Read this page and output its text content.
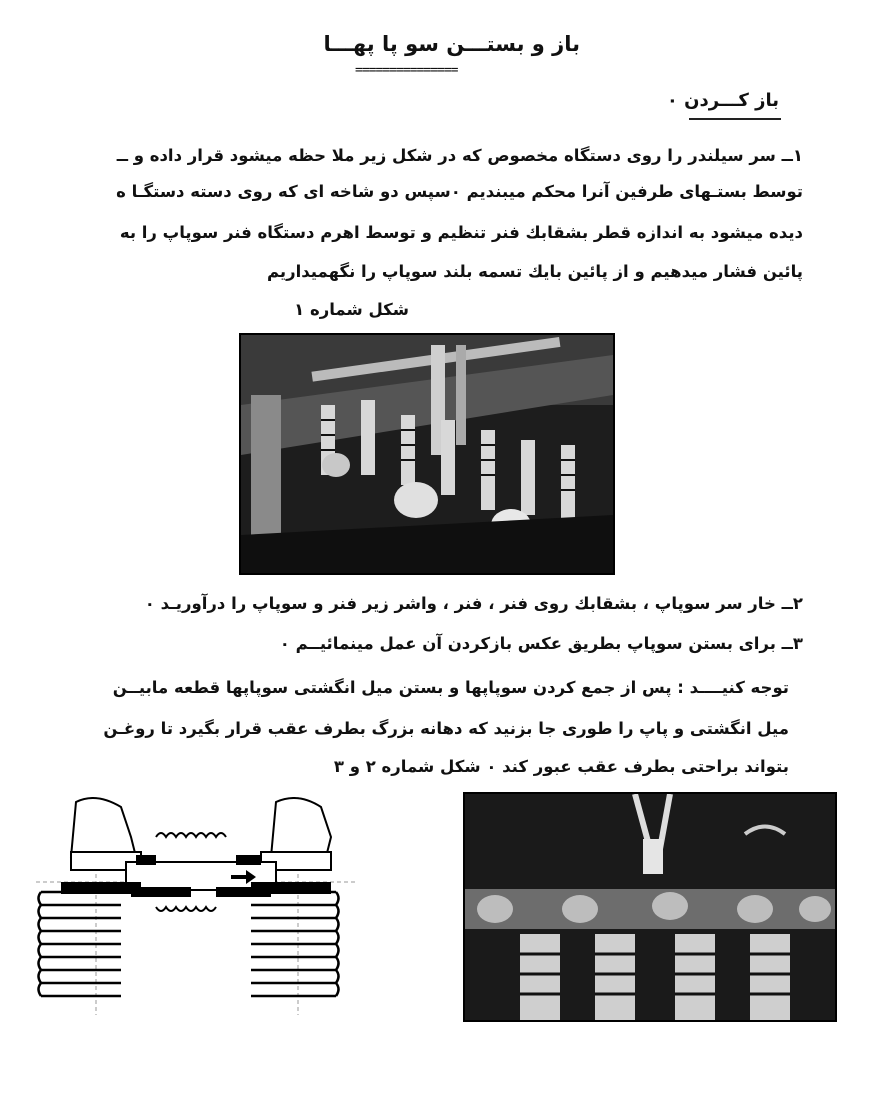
باز و بستـــن سو پا پهـــا
===============
باز کـــردن ٠
١ــ سر سیلندر را روی دستگاه مخصوص که در شکل زیر ملا حظه میشود قرار داده و ــ
توسط بستـهای طرفین آنرا محکم میبندیم ٠سپس دو شاخه ای که روی دسته دستگـا ه
دیده میشود به اندازه قطر بشقابك فنر تنظیم و توسط اهرم دستگاه فنر سوپاپ را به
پائین فشار میدهیم و از پائین بایك تسمه بلند سوپاپ را نگهمیداریم
شکل شماره ١
٢ــ خار سر سوپاپ ، بشقابك روی فنر ، فنر ، واشر زیر فنر و سوپاپ را درآوریـد ٠
٣ــ برای بستن سوپاپ بطریق عکس بازکردن آن عمل مینمائیــم ٠
توجه کنیــــد : پس از جمع کردن سوپاپها و بستن میل انگشتی سوپاپها قطعه مابیــن
میل انگشتی و پاپ را طوری جا بزنید که دهانه بزرگ بطرف عقب قرار بگیرد تا روغـن
بتواند براحتی بطرف عقب عبور کند ٠ شکل شماره ٢ و ٣
